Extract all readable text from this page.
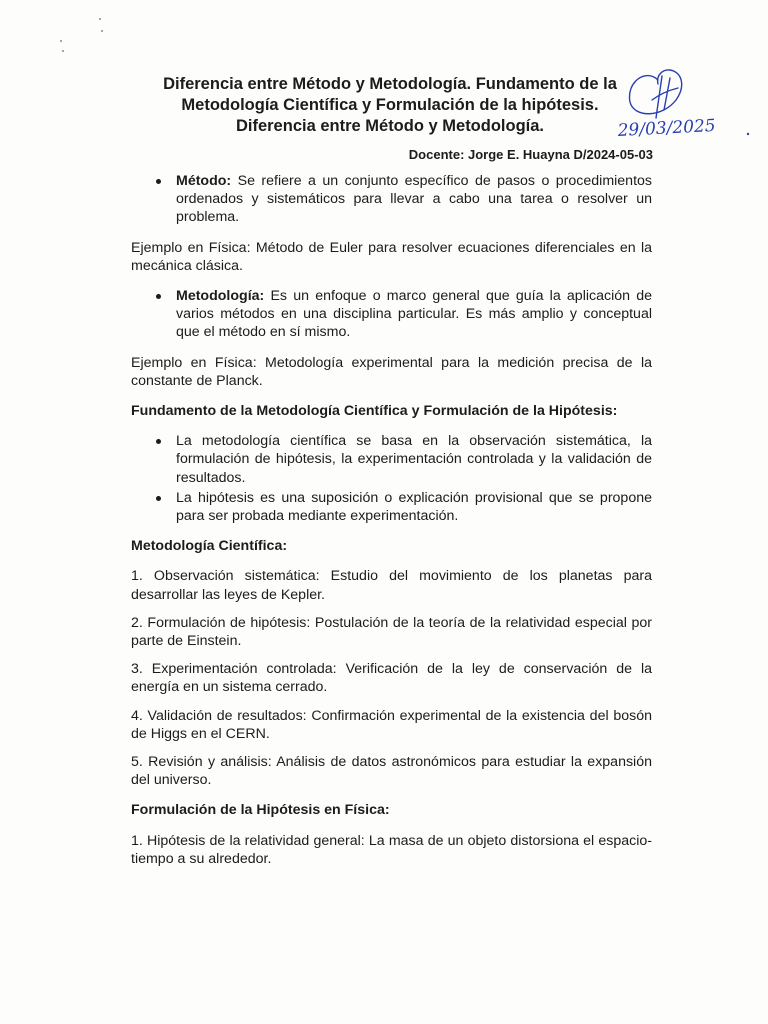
Diferencia entre Método y Metodología. Fundamento de la
Metodología Científica y Formulación de la hipótesis.
Diferencia entre Método y Metodología.	29/03/2025
Docente: Jorge E. Huayna D/2024-05-03

Método: Se refiere a un conjunto específico de pasos o procedimientos ordenados y sistemáticos para llevar a cabo una tarea o resolver un problema.

Ejemplo en Física: Método de Euler para resolver ecuaciones diferenciales en la mecánica clásica.

Metodología: Es un enfoque o marco general que guía la aplicación de varios métodos en una disciplina particular. Es más amplio y conceptual que el método en sí mismo.

Ejemplo en Física: Metodología experimental para la medición precisa de la constante de Planck.

Fundamento de la Metodología Científica y Formulación de la Hipótesis:

La metodología científica se basa en la observación sistemática, la formulación de hipótesis, la experimentación controlada y la validación de resultados.

La hipótesis es una suposición o explicación provisional que se propone para ser probada mediante experimentación.

Metodología Científica:

1. Observación sistemática: Estudio del movimiento de los planetas para desarrollar las leyes de Kepler.

2. Formulación de hipótesis: Postulación de la teoría de la relatividad especial por parte de Einstein.

3. Experimentación controlada: Verificación de la ley de conservación de la energía en un sistema cerrado.

4. Validación de resultados: Confirmación experimental de la existencia del bosón de Higgs en el CERN.

5. Revisión y análisis: Análisis de datos astronómicos para estudiar la expansión del universo.

Formulación de la Hipótesis en Física:

1. Hipótesis de la relatividad general: La masa de un objeto distorsiona el espacio-tiempo a su alrededor.
